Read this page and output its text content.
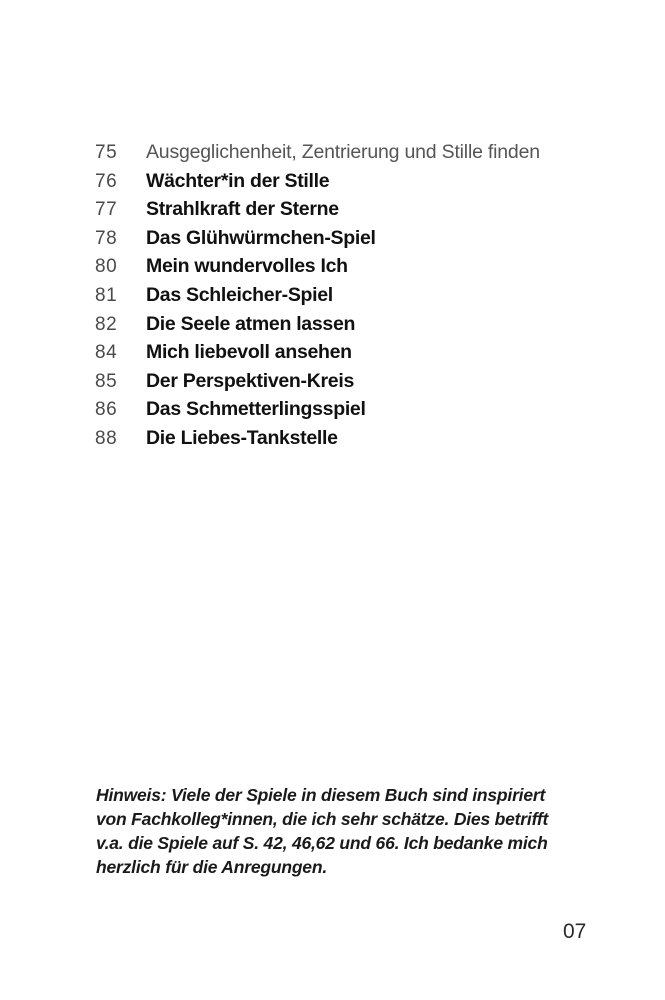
75	Ausgeglichenheit, Zentrierung und Stille finden
76	Wächter*in der Stille
77	Strahlkraft der Sterne
78	Das Glühwürmchen-Spiel
80	Mein wundervolles Ich
81	Das Schleicher-Spiel
82	Die Seele atmen lassen
84	Mich liebevoll ansehen
85	Der Perspektiven-Kreis
86	Das Schmetterlingsspiel
88	Die Liebes-Tankstelle
Hinweis: Viele der Spiele in diesem Buch sind inspiriert
von Fachkolleg*innen, die ich sehr schätze. Dies betrifft
v.a. die Spiele auf S. 42, 46,62 und 66. Ich bedanke mich
herzlich für die Anregungen.
07
